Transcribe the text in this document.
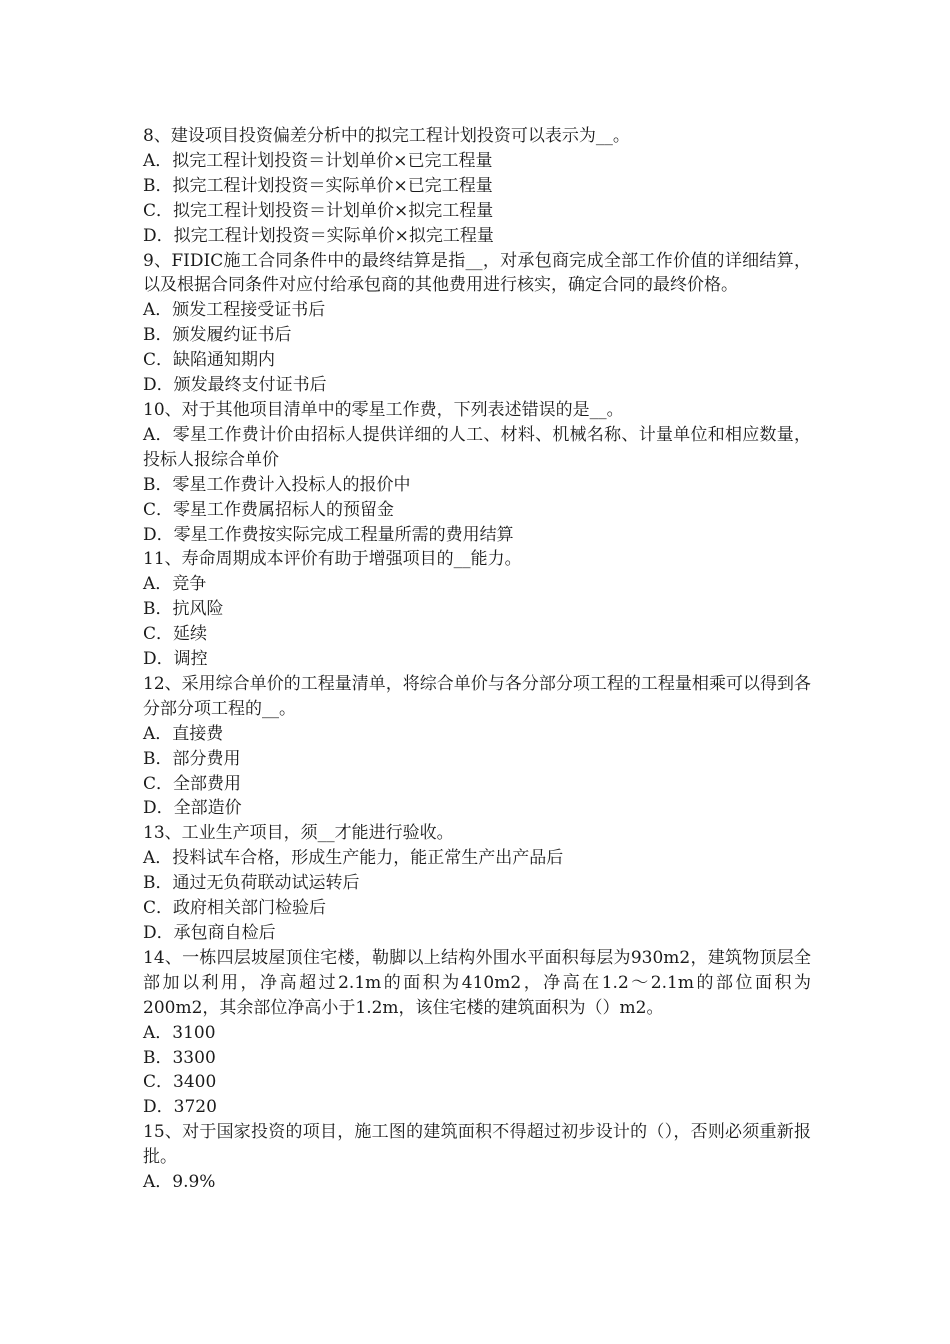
8、建设项目投资偏差分析中的拟完工程计划投资可以表示为__。

A．拟完工程计划投资＝计划单价×已完工程量

B．拟完工程计划投资＝实际单价×已完工程量

C．拟完工程计划投资＝计划单价×拟完工程量

D．拟完工程计划投资＝实际单价×拟完工程量

9、FIDIC施工合同条件中的最终结算是指__，对承包商完成全部工作价值的详细结算，以及根据合同条件对应付给承包商的其他费用进行核实，确定合同的最终价格。

A．颁发工程接受证书后

B．颁发履约证书后

C．缺陷通知期内

D．颁发最终支付证书后

10、对于其他项目清单中的零星工作费，下列表述错误的是__。

A．零星工作费计价由招标人提供详细的人工、材料、机械名称、计量单位和相应数量，投标人报综合单价

B．零星工作费计入投标人的报价中

C．零星工作费属招标人的预留金

D．零星工作费按实际完成工程量所需的费用结算

11、寿命周期成本评价有助于增强项目的__能力。

A．竞争

B．抗风险

C．延续

D．调控

12、采用综合单价的工程量清单，将综合单价与各分部分项工程的工程量相乘可以得到各分部分项工程的__。

A．直接费

B．部分费用

C．全部费用

D．全部造价

13、工业生产项目，须__才能进行验收。

A．投料试车合格，形成生产能力，能正常生产出产品后

B．通过无负荷联动试运转后

C．政府相关部门检验后

D．承包商自检后

14、一栋四层坡屋顶住宅楼，勒脚以上结构外围水平面积每层为930m2，建筑物顶层全部加以利用，净高超过2.1m的面积为410m2，净高在1.2～2.1m的部位面积为200m2，其余部位净高小于1.2m，该住宅楼的建筑面积为（）m2。

A．3100

B．3300

C．3400

D．3720

15、对于国家投资的项目，施工图的建筑面积不得超过初步设计的（），否则必须重新报批。

A．9.9%
